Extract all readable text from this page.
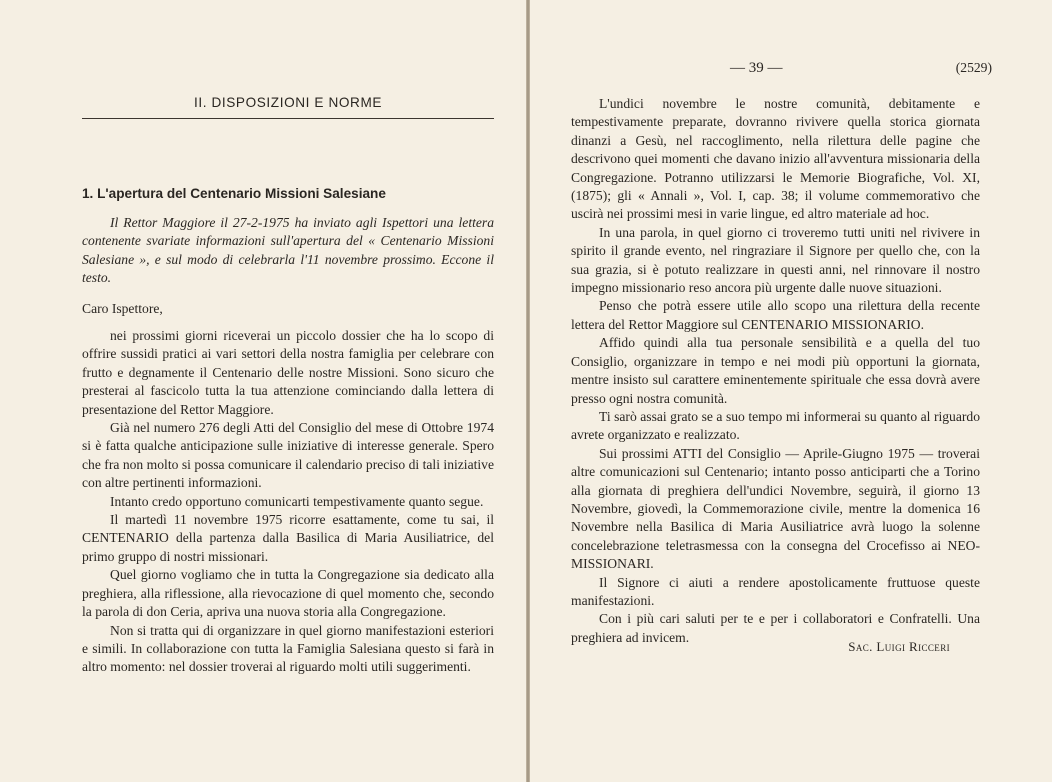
II. DISPOSIZIONI E NORME
1. L'apertura del Centenario Missioni Salesiane
Il Rettor Maggiore il 27-2-1975 ha inviato agli Ispettori una lettera contenente svariate informazioni sull'apertura del « Centenario Missioni Salesiane », e sul modo di celebrarla l'11 novembre prossimo. Eccone il testo.
Caro Ispettore,

nei prossimi giorni riceverai un piccolo dossier che ha lo scopo di offrire sussidi pratici ai vari settori della nostra famiglia per celebrare con frutto e degnamente il Centenario delle nostre Missioni. Sono sicuro che presterai al fascicolo tutta la tua attenzione cominciando dalla lettera di presentazione del Rettor Maggiore.

Già nel numero 276 degli Atti del Consiglio del mese di Ottobre 1974 si è fatta qualche anticipazione sulle iniziative di interesse generale. Spero che fra non molto si possa comunicare il calendario preciso di tali iniziative con altre pertinenti informazioni.

Intanto credo opportuno comunicarti tempestivamente quanto segue.

Il martedì 11 novembre 1975 ricorre esattamente, come tu sai, il CENTENARIO della partenza dalla Basilica di Maria Ausiliatrice, del primo gruppo di nostri missionari.

Quel giorno vogliamo che in tutta la Congregazione sia dedicato alla preghiera, alla riflessione, alla rievocazione di quel momento che, secondo la parola di don Ceria, apriva una nuova storia alla Congregazione.

Non si tratta qui di organizzare in quel giorno manifestazioni esteriori e simili. In collaborazione con tutta la Famiglia Salesiana questo si farà in altro momento: nel dossier troverai al riguardo molti utili suggerimenti.

— 39 —	(2529)

L'undici novembre le nostre comunità, debitamente e tempestivamente preparate, dovranno rivivere quella storica giornata dinanzi a Gesù, nel raccoglimento, nella rilettura delle pagine che descrivono quei momenti che davano inizio all'avventura missionaria della Congregazione. Potranno utilizzarsi le Memorie Biografiche, Vol. XI, (1875); gli « Annali », Vol. I, cap. 38; il volume commemorativo che uscirà nei prossimi mesi in varie lingue, ed altro materiale ad hoc.

In una parola, in quel giorno ci troveremo tutti uniti nel rivivere in spirito il grande evento, nel ringraziare il Signore per quello che, con la sua grazia, si è potuto realizzare in questi anni, nel rinnovare il nostro impegno missionario reso ancora più urgente dalle nuove situazioni.

Penso che potrà essere utile allo scopo una rilettura della recente lettera del Rettor Maggiore sul CENTENARIO MISSIONARIO.

Affido quindi alla tua personale sensibilità e a quella del tuo Consiglio, organizzare in tempo e nei modi più opportuni la giornata, mentre insisto sul carattere eminentemente spirituale che essa dovrà avere presso ogni nostra comunità.

Ti sarò assai grato se a suo tempo mi informerai su quanto al riguardo avrete organizzato e realizzato.

Sui prossimi ATTI del Consiglio — Aprile-Giugno 1975 — troverai altre comunicazioni sul Centenario; intanto posso anticiparti che a Torino alla giornata di preghiera dell'undici Novembre, seguirà, il giorno 13 Novembre, giovedì, la Commemorazione civile, mentre la domenica 16 Novembre nella Basilica di Maria Ausiliatrice avrà luogo la solenne concelebrazione teletrasmessa con la consegna del Crocefisso ai NEO-MISSIONARI.

Il Signore ci aiuti a rendere apostolicamente fruttuose queste manifestazioni.

Con i più cari saluti per te e per i collaboratori e Confratelli. Una preghiera ad invicem.

Sac. Luigi Ricceri
